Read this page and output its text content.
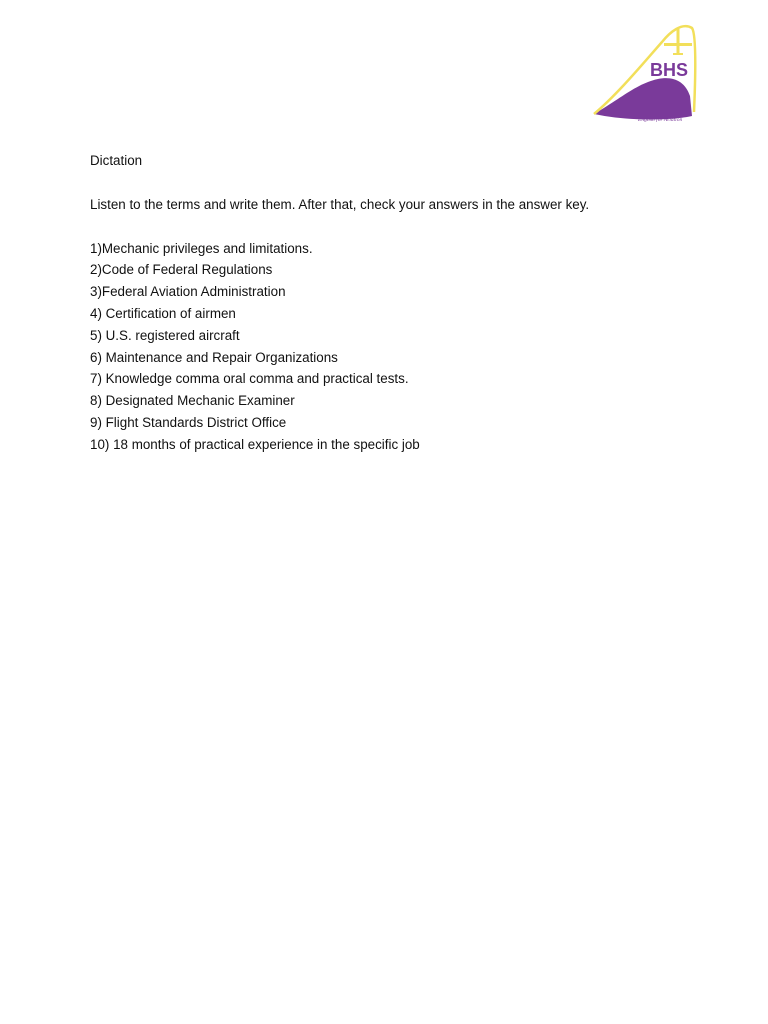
BHS
English for Aviation
Dictation

Listen to the terms and write them. After that, check your answers in the answer key.

1)Mechanic privileges and limitations.
2)Code of Federal Regulations
3)Federal Aviation Administration
4) Certification of airmen
5) U.S. registered aircraft
6) Maintenance and Repair Organizations
7) Knowledge comma oral comma and practical tests.
8) Designated Mechanic Examiner
9) Flight Standards District Office
10) 18 months of practical experience in the specific job
